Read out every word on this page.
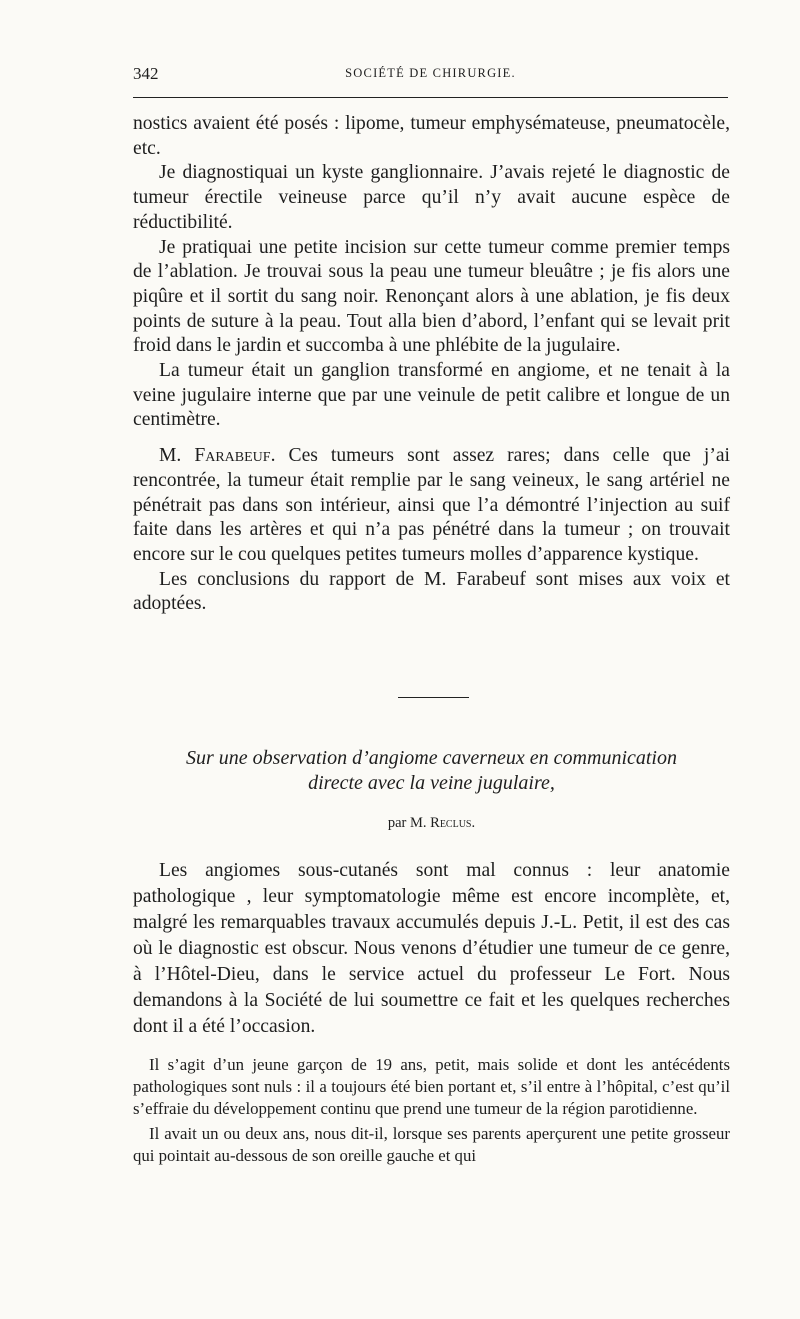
342	SOCIÉTÉ DE CHIRURGIE.

nostics avaient été posés : lipome, tumeur emphysémateuse, pneumatocèle, etc.

Je diagnostiquai un kyste ganglionnaire. J’avais rejeté le diagnostic de tumeur érectile veineuse parce qu’il n’y avait aucune espèce de réductibilité.

Je pratiquai une petite incision sur cette tumeur comme premier temps de l’ablation. Je trouvai sous la peau une tumeur bleuâtre ; je fis alors une piqûre et il sortit du sang noir. Renonçant alors à une ablation, je fis deux points de suture à la peau. Tout alla bien d’abord, l’enfant qui se levait prit froid dans le jardin et succomba à une phlébite de la jugulaire.

La tumeur était un ganglion transformé en angiome, et ne tenait à la veine jugulaire interne que par une veinule de petit calibre et longue de un centimètre.

M. Farabeuf. Ces tumeurs sont assez rares; dans celle que j’ai rencontrée, la tumeur était remplie par le sang veineux, le sang artériel ne pénétrait pas dans son intérieur, ainsi que l’a démontré l’injection au suif faite dans les artères et qui n’a pas pénétré dans la tumeur ; on trouvait encore sur le cou quelques petites tumeurs molles d’apparence kystique.

Les conclusions du rapport de M. Farabeuf sont mises aux voix et adoptées.

Sur une observation d’angiome caverneux en communication
directe avec la veine jugulaire,
par M. Reclus.

Les angiomes sous-cutanés sont mal connus : leur anatomie pathologique , leur symptomatologie même est encore incomplète, et, malgré les remarquables travaux accumulés depuis J.-L. Petit, il est des cas où le diagnostic est obscur. Nous venons d’étudier une tumeur de ce genre, à l’Hôtel-Dieu, dans le service actuel du professeur Le Fort. Nous demandons à la Société de lui soumettre ce fait et les quelques recherches dont il a été l’occasion.

Il s’agit d’un jeune garçon de 19 ans, petit, mais solide et dont les antécédents pathologiques sont nuls : il a toujours été bien portant et, s’il entre à l’hôpital, c’est qu’il s’effraie du développement continu que prend une tumeur de la région parotidienne.

Il avait un ou deux ans, nous dit-il, lorsque ses parents aperçurent une petite grosseur qui pointait au-dessous de son oreille gauche et qui
